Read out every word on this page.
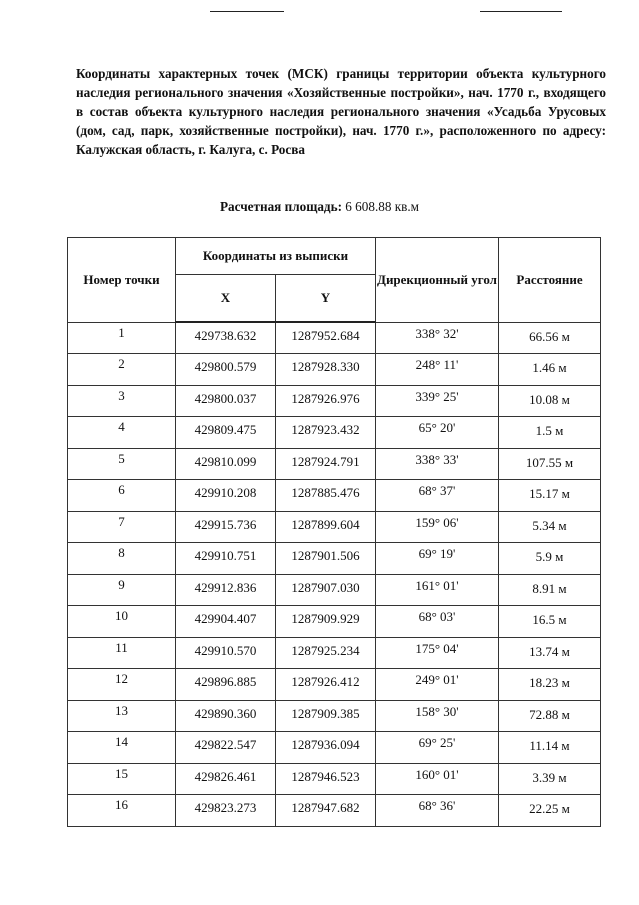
Координаты характерных точек (МСК) границы территории объекта культурного наследия регионального значения «Хозяйственные постройки», нач. 1770 г., входящего в состав объекта культурного наследия регионального значения «Усадьба Урусовых (дом, сад, парк, хозяйственные постройки), нач. 1770 г.», расположенного по адресу: Калужская область, г. Калуга, с. Росва
Расчетная площадь: 6 608.88 кв.м
Номер точки	Координаты из выписки		Дирекционный угол	Расстояние
	X	Y		
1	429738.632	1287952.684	338° 32'	66.56 м
2	429800.579	1287928.330	248° 11'	1.46 м
3	429800.037	1287926.976	339° 25'	10.08 м
4	429809.475	1287923.432	65° 20'	1.5 м
5	429810.099	1287924.791	338° 33'	107.55 м
6	429910.208	1287885.476	68° 37'	15.17 м
7	429915.736	1287899.604	159° 06'	5.34 м
8	429910.751	1287901.506	69° 19'	5.9 м
9	429912.836	1287907.030	161° 01'	8.91 м
10	429904.407	1287909.929	68° 03'	16.5 м
11	429910.570	1287925.234	175° 04'	13.74 м
12	429896.885	1287926.412	249° 01'	18.23 м
13	429890.360	1287909.385	158° 30'	72.88 м
14	429822.547	1287936.094	69° 25'	11.14 м
15	429826.461	1287946.523	160° 01'	3.39 м
16	429823.273	1287947.682	68° 36'	22.25 м
